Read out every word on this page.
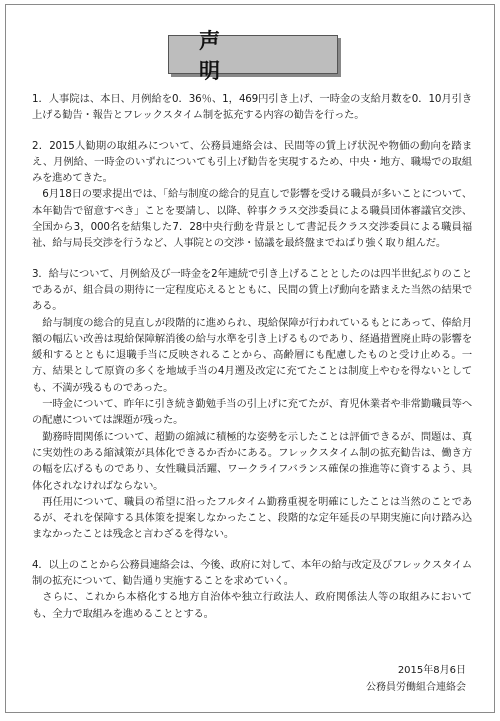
声　明

1．人事院は、本日、月例給を0．36％、1，469円引き上げ、一時金の支給月数を0．10月引き上げる勧告・報告とフレックスタイム制を拡充する内容の勧告を行った。

2．2015人勧期の取組みについて、公務員連絡会は、民間等の賃上げ状況や物価の動向を踏まえ、月例給、一時金のいずれについても引上げ勧告を実現するため、中央・地方、職場での取組みを進めてきた。

6月18日の要求提出では、「給与制度の総合的見直しで影響を受ける職員が多いことについて、本年勧告で留意すべき」ことを要請し、以降、幹事クラス交渉委員による職員団体審議官交渉、全国から3，000名を結集した7．28中央行動を背景として書記長クラス交渉委員による職員福祉、給与局長交渉を行うなど、人事院との交渉・協議を最終盤までねばり強く取り組んだ。

3．給与について、月例給及び一時金を2年連続で引き上げることとしたのは四半世紀ぶりのことであるが、組合員の期待に一定程度応えるとともに、民間の賃上げ動向を踏まえた当然の結果である。

給与制度の総合的見直しが段階的に進められ、現給保障が行われているもとにあって、俸給月額の幅広い改善は現給保障解消後の給与水準を引き上げるものであり、経過措置廃止時の影響を緩和するとともに退職手当に反映されることから、高齢層にも配慮したものと受け止める。一方、結果として原資の多くを地域手当の4月遡及改定に充てたことは制度上やむを得ないとしても、不満が残るものであった。

一時金について、昨年に引き続き勤勉手当の引上げに充てたが、育児休業者や非常勤職員等への配慮については課題が残った。

勤務時間関係について、超勤の縮減に積極的な姿勢を示したことは評価できるが、問題は、真に実効性のある縮減策が具体化できるか否かにある。フレックスタイム制の拡充勧告は、働き方の幅を広げるものであり、女性職員活躍、ワークライフバランス確保の推進等に資するよう、具体化されなければならない。

再任用について、職員の希望に沿ったフルタイム勤務重視を明確にしたことは当然のことであるが、それを保障する具体策を提案しなかったこと、段階的な定年延長の早期実施に向け踏み込まなかったことは残念と言わざるを得ない。

4．以上のことから公務員連絡会は、今後、政府に対して、本年の給与改定及びフレックスタイム制の拡充について、勧告通り実施することを求めていく。

さらに、これから本格化する地方自治体や独立行政法人、政府関係法人等の取組みにおいても、全力で取組みを進めることとする。

2015年8月6日
公務員労働組合連絡会
